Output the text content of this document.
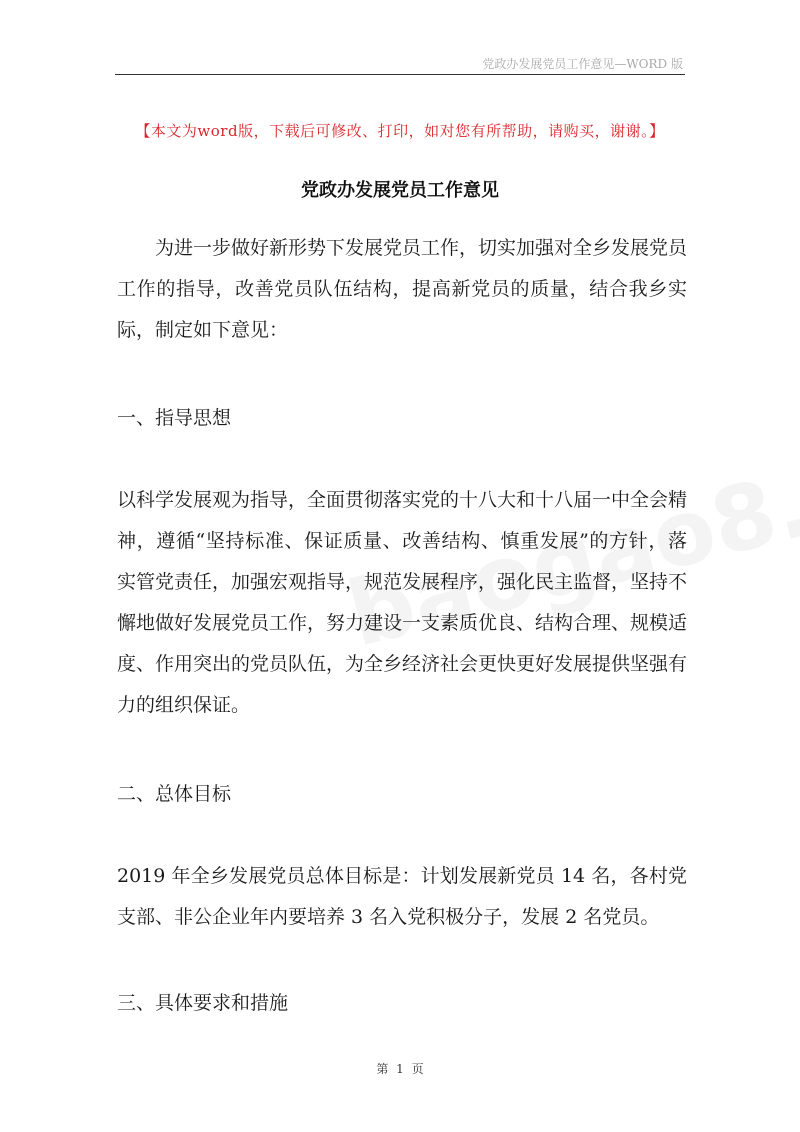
党政办发展党员工作意见—WORD 版
【本文为word版，下载后可修改、打印，如对您有所帮助，请购买，谢谢。】
党政办发展党员工作意见
为进一步做好新形势下发展党员工作，切实加强对全乡发展党员工作的指导，改善党员队伍结构，提高新党员的质量，结合我乡实际，制定如下意见：
一、指导思想
以科学发展观为指导，全面贯彻落实党的十八大和十八届一中全会精神，遵循“坚持标准、保证质量、改善结构、慎重发展”的方针，落实管党责任，加强宏观指导，规范发展程序，强化民主监督，坚持不懈地做好发展党员工作，努力建设一支素质优良、结构合理、规模适度、作用突出的党员队伍，为全乡经济社会更快更好发展提供坚强有力的组织保证。
二、总体目标
2019 年全乡发展党员总体目标是：计划发展新党员 14 名，各村党支部、非公企业年内要培养 3 名入党积极分子，发展 2 名党员。
三、具体要求和措施
第 1 页
